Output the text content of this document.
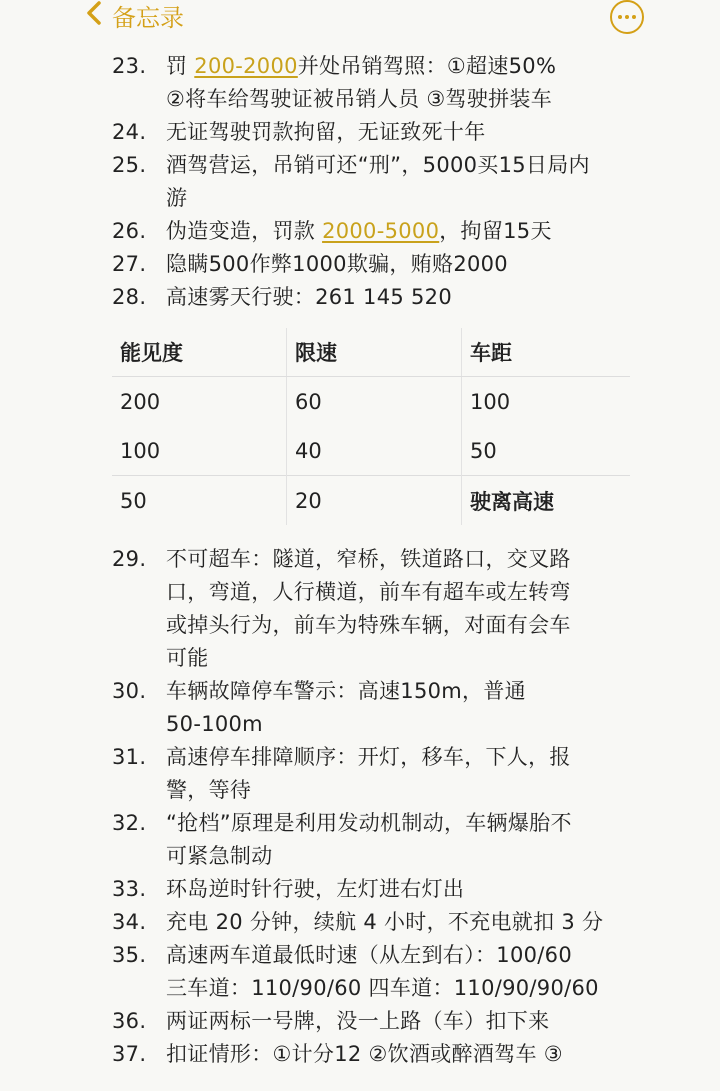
备忘录
23. 罚 200-2000并处吊销驾照：①超速50%
②将车给驾驶证被吊销人员 ③驾驶拼装车
24. 无证驾驶罚款拘留，无证致死十年
25. 酒驾营运，吊销可还“刑”，5000买15日局内
游
26. 伪造变造，罚款 2000-5000，拘留15天
27. 隐瞒500作弊1000欺骗，贿赂2000
28. 高速雾天行驶：261 145 520
能见度	限速	车距
200	60	100
100	40	50
50	20	驶离高速
29. 不可超车：隧道，窄桥，铁道路口，交叉路
口，弯道，人行横道，前车有超车或左转弯
或掉头行为，前车为特殊车辆，对面有会车
可能
30. 车辆故障停车警示：高速150m，普通
50-100m
31. 高速停车排障顺序：开灯，移车，下人，报
警，等待
32. “抢档”原理是利用发动机制动，车辆爆胎不
可紧急制动
33. 环岛逆时针行驶，左灯进右灯出
34. 充电 20 分钟，续航 4 小时，不充电就扣 3 分
35. 高速两车道最低时速（从左到右）：100/60
三车道：110/90/60 四车道：110/90/90/60
36. 两证两标一号牌，没一上路（车）扣下来
37. 扣证情形：①计分12 ②饮酒或醉酒驾车 ③
